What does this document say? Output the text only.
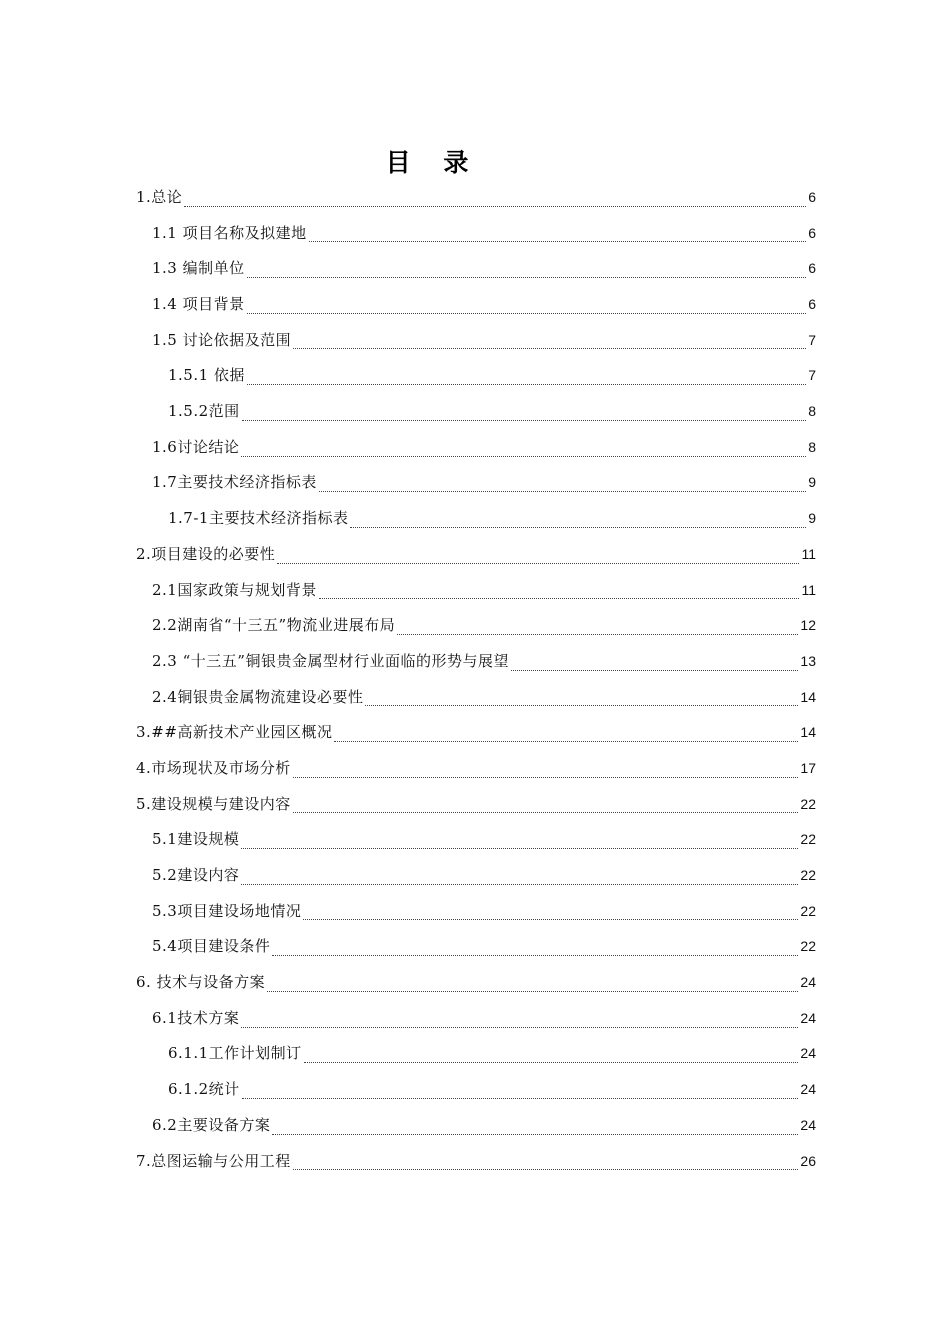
目 录
1.总论	6
1.1 项目名称及拟建地	6
1.3 编制单位	6
1.4 项目背景	6
1.5 讨论依据及范围	7
1.5.1 依据	7
1.5.2范围	8
1.6讨论结论	8
1.7主要技术经济指标表	9
1.7-1主要技术经济指标表	9
2.项目建设的必要性	11
2.1国家政策与规划背景	11
2.2湖南省“十三五”物流业进展布局	12
2.3 “十三五”铜银贵金属型材行业面临的形势与展望	13
2.4铜银贵金属物流建设必要性	14
3.##高新技术产业园区概况	14
4.市场现状及市场分析	17
5.建设规模与建设内容	22
5.1建设规模	22
5.2建设内容	22
5.3项目建设场地情况	22
5.4项目建设条件	22
6. 技术与设备方案	24
6.1技术方案	24
6.1.1工作计划制订	24
6.1.2统计	24
6.2主要设备方案	24
7.总图运输与公用工程	26
